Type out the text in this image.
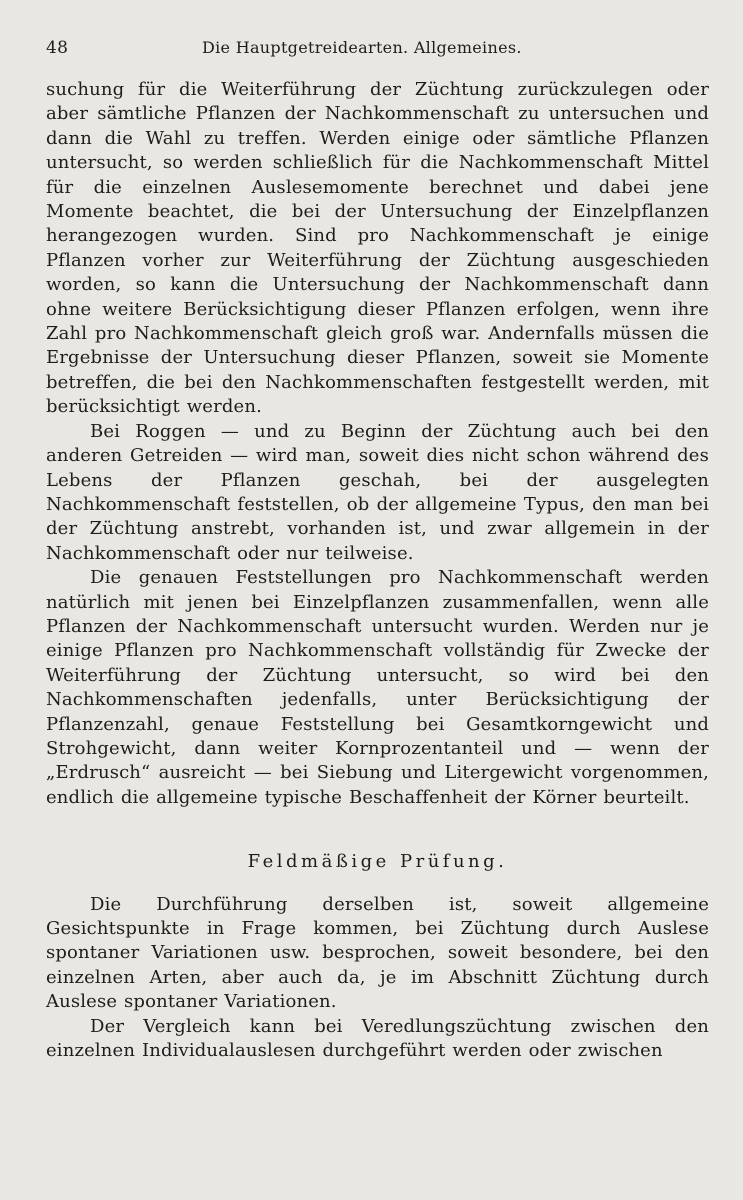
48	Die Hauptgetreidearten. Allgemeines.

suchung für die Weiterführung der Züchtung zurückzulegen oder aber sämtliche Pflanzen der Nachkommenschaft zu untersuchen und dann die Wahl zu treffen. Werden einige oder sämtliche Pflanzen untersucht, so werden schließlich für die Nachkommenschaft Mittel für die einzelnen Auslesemomente berechnet und dabei jene Momente beachtet, die bei der Untersuchung der Einzelpflanzen herangezogen wurden. Sind pro Nachkommenschaft je einige Pflanzen vorher zur Weiterführung der Züchtung ausgeschieden worden, so kann die Untersuchung der Nachkommenschaft dann ohne weitere Berücksichtigung dieser Pflanzen erfolgen, wenn ihre Zahl pro Nachkommenschaft gleich groß war. Andernfalls müssen die Ergebnisse der Untersuchung dieser Pflanzen, soweit sie Momente betreffen, die bei den Nachkommenschaften festgestellt werden, mit berücksichtigt werden.

Bei Roggen — und zu Beginn der Züchtung auch bei den anderen Getreiden — wird man, soweit dies nicht schon während des Lebens der Pflanzen geschah, bei der ausgelegten Nachkommenschaft feststellen, ob der allgemeine Typus, den man bei der Züchtung anstrebt, vorhanden ist, und zwar allgemein in der Nachkommenschaft oder nur teilweise.

Die genauen Feststellungen pro Nachkommenschaft werden natürlich mit jenen bei Einzelpflanzen zusammenfallen, wenn alle Pflanzen der Nachkommenschaft untersucht wurden. Werden nur je einige Pflanzen pro Nachkommenschaft vollständig für Zwecke der Weiterführung der Züchtung untersucht, so wird bei den Nachkommenschaften jedenfalls, unter Berücksichtigung der Pflanzenzahl, genaue Feststellung bei Gesamtkorngewicht und Strohgewicht, dann weiter Kornprozentanteil und — wenn der „Erdrusch“ ausreicht — bei Siebung und Litergewicht vorgenommen, endlich die allgemeine typische Beschaffenheit der Körner beurteilt.

Feldmäßige Prüfung.

Die Durchführung derselben ist, soweit allgemeine Gesichtspunkte in Frage kommen, bei Züchtung durch Auslese spontaner Variationen usw. besprochen, soweit besondere, bei den einzelnen Arten, aber auch da, je im Abschnitt Züchtung durch Auslese spontaner Variationen.

Der Vergleich kann bei Veredlungszüchtung zwischen den einzelnen Individualauslesen durchgeführt werden oder zwischen
